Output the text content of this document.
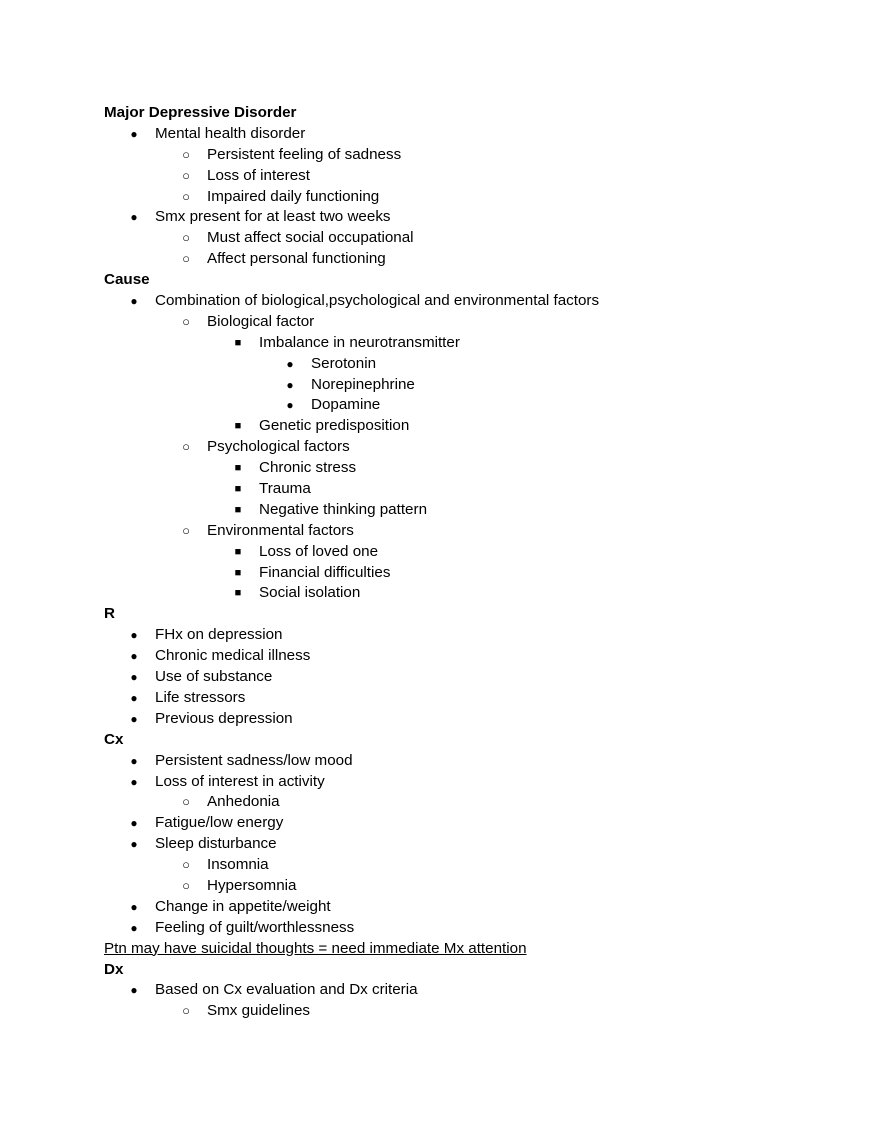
Major Depressive Disorder
●	Mental health disorder
○	Persistent feeling of sadness
○	Loss of interest
○	Impaired daily functioning
●	Smx present for at least two weeks
○	Must affect social occupational
○	Affect personal functioning
Cause
●	Combination of biological,psychological and environmental factors
○	Biological factor
■	Imbalance in neurotransmitter
●	Serotonin
●	Norepinephrine
●	Dopamine
■	Genetic predisposition
○	Psychological factors
■	Chronic stress
■	Trauma
■	Negative thinking pattern
○	Environmental factors
■	Loss of loved one
■	Financial difficulties
■	Social isolation
R
●	FHx on depression
●	Chronic medical illness
●	Use of substance
●	Life stressors
●	Previous depression
Cx
●	Persistent sadness/low mood
●	Loss of interest in activity
○	Anhedonia
●	Fatigue/low energy
●	Sleep disturbance
○	Insomnia
○	Hypersomnia
●	Change in appetite/weight
●	Feeling of guilt/worthlessness
Ptn may have suicidal thoughts = need immediate Mx attention
Dx
●	Based on Cx evaluation and Dx criteria
○	Smx guidelines
